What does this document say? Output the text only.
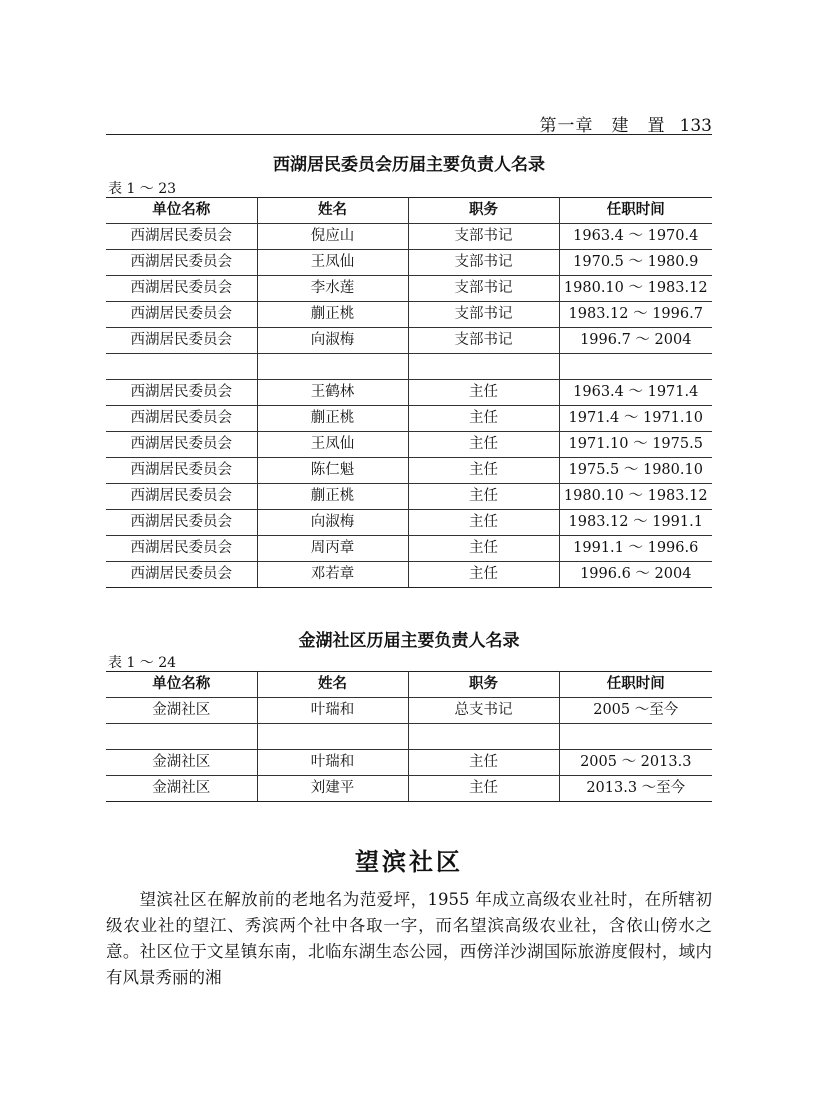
第一章　建　置 133
西湖居民委员会历届主要负责人名录
表 1 ～ 23
单位名称	姓名	职务	任职时间
西湖居民委员会	倪应山	支部书记	1963.4 ～ 1970.4
西湖居民委员会	王凤仙	支部书记	1970.5 ～ 1980.9
西湖居民委员会	李水莲	支部书记	1980.10 ～ 1983.12
西湖居民委员会	蒯正桃	支部书记	1983.12 ～ 1996.7
西湖居民委员会	向淑梅	支部书记	1996.7 ～ 2004

西湖居民委员会	王鹤林	主任	1963.4 ～ 1971.4
西湖居民委员会	蒯正桃	主任	1971.4 ～ 1971.10
西湖居民委员会	王凤仙	主任	1971.10 ～ 1975.5
西湖居民委员会	陈仁魁	主任	1975.5 ～ 1980.10
西湖居民委员会	蒯正桃	主任	1980.10 ～ 1983.12
西湖居民委员会	向淑梅	主任	1983.12 ～ 1991.1
西湖居民委员会	周丙章	主任	1991.1 ～ 1996.6
西湖居民委员会	邓若章	主任	1996.6 ～ 2004
金湖社区历届主要负责人名录
表 1 ～ 24
单位名称	姓名	职务	任职时间
金湖社区	叶瑞和	总支书记	2005 ～至今

金湖社区	叶瑞和	主任	2005 ～ 2013.3
金湖社区	刘建平	主任	2013.3 ～至今
望滨社区

望滨社区在解放前的老地名为范爱坪，1955 年成立高级农业社时，在所辖初级农业社的望江、秀滨两个社中各取一字，而名望滨高级农业社，含依山傍水之意。社区位于文星镇东南，北临东湖生态公园，西傍洋沙湖国际旅游度假村，域内有风景秀丽的湘
